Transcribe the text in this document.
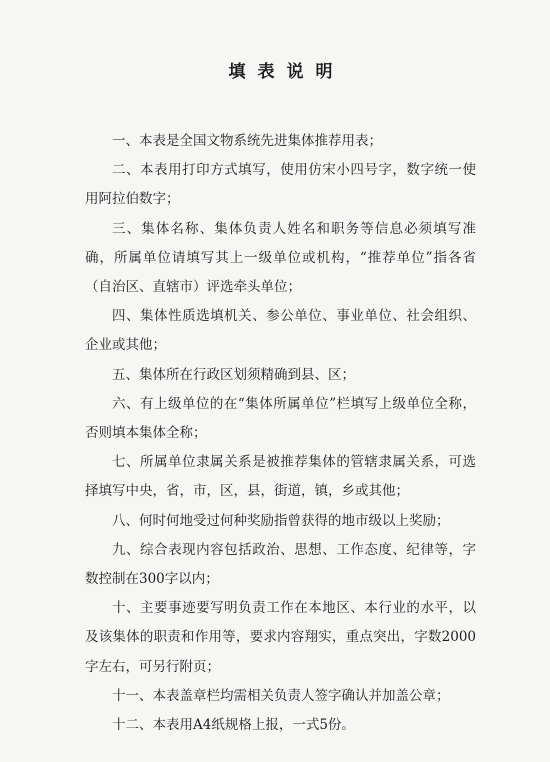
填表说明

一、本表是全国文物系统先进集体推荐用表；

二、本表用打印方式填写，使用仿宋小四号字，数字统一使用阿拉伯数字；

三、集体名称、集体负责人姓名和职务等信息必须填写准确，所属单位请填写其上一级单位或机构，“推荐单位”指各省（自治区、直辖市）评选牵头单位；

四、集体性质选填机关、参公单位、事业单位、社会组织、企业或其他；

五、集体所在行政区划须精确到县、区；

六、有上级单位的在“集体所属单位”栏填写上级单位全称，否则填本集体全称；

七、所属单位隶属关系是被推荐集体的管辖隶属关系，可选择填写中央，省，市，区，县，街道，镇，乡或其他；

八、何时何地受过何种奖励指曾获得的地市级以上奖励；

九、综合表现内容包括政治、思想、工作态度、纪律等，字数控制在300字以内；

十、主要事迹要写明负责工作在本地区、本行业的水平，以及该集体的职责和作用等，要求内容翔实，重点突出，字数2000字左右，可另行附页；

十一、本表盖章栏均需相关负责人签字确认并加盖公章；

十二、本表用A4纸规格上报，一式5份。
